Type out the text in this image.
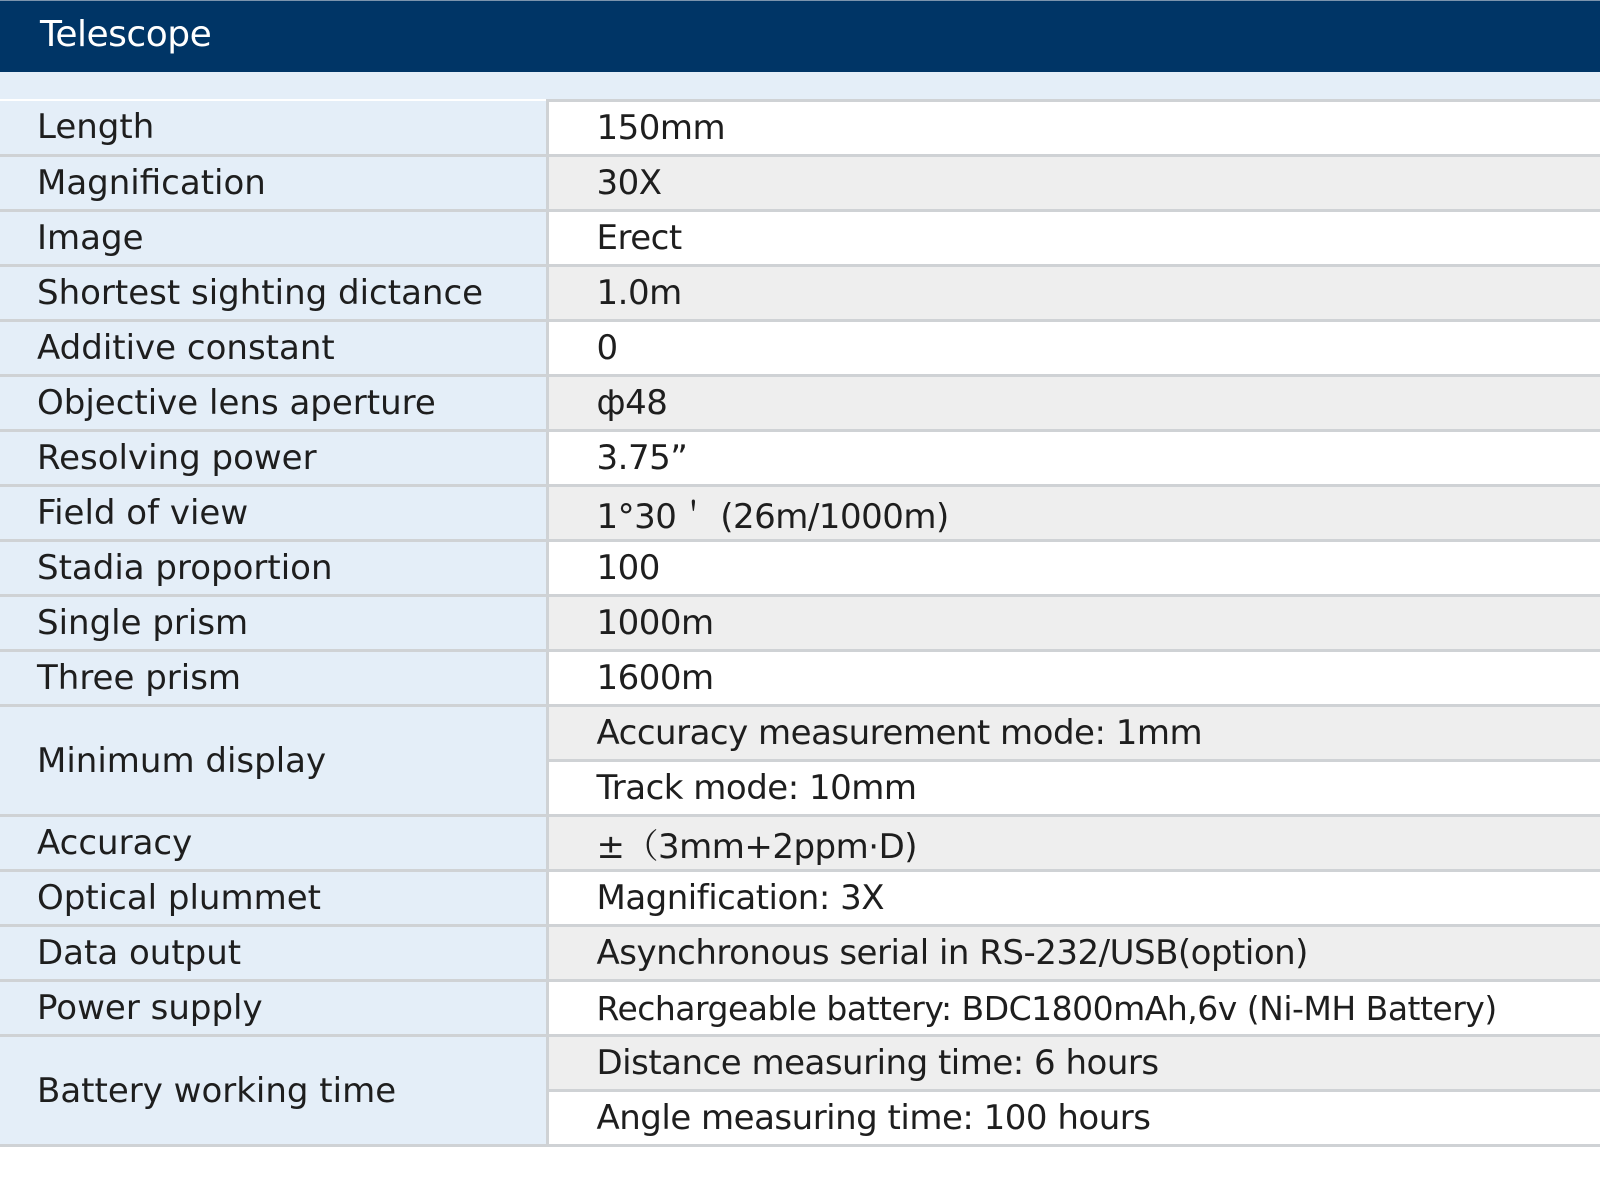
Telescope
Length	150mm
Magnification	30X
Image	Erect
Shortest sighting dictance	1.0m
Additive constant	0
Objective lens aperture	ф48
Resolving power	3.75”
Field of view	1°30＇ (26m/1000m)
Stadia proportion	100
Single prism	1000m
Three prism	1600m
Minimum display	Accuracy measurement mode: 1mm
	Track mode: 10mm
Accuracy	±（3mm+2ppm·D)
Optical plummet	Magnification: 3X
Data output	Asynchronous serial in RS-232/USB(option)
Power supply	Rechargeable battery: BDC1800mAh,6v (Ni-MH Battery)
Battery working time	Distance measuring time: 6 hours
	Angle measuring time: 100 hours
